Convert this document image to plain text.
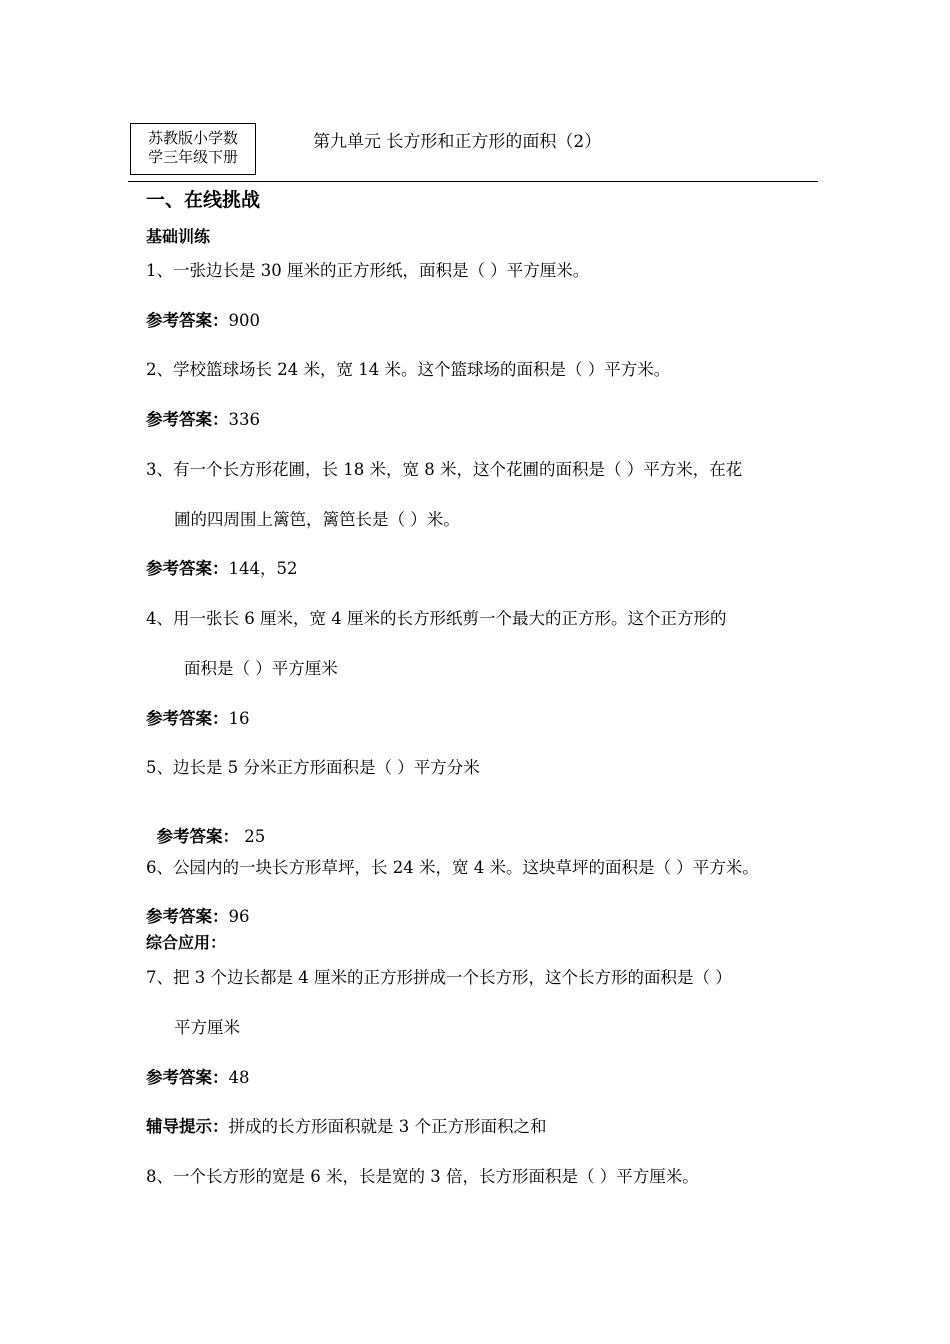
苏教版小学数
学三年级下册
第九单元 长方形和正方形的面积（2）
一、在线挑战
基础训练
1、一张边长是 30 厘米的正方形纸，面积是（ ）平方厘米。
参考答案：900
2、学校篮球场长 24 米，宽 14 米。这个篮球场的面积是（ ）平方米。
参考答案：336
3、有一个长方形花圃，长 18 米，宽 8 米，这个花圃的面积是（ ）平方米，在花
圃的四周围上篱笆，篱笆长是（ ）米。
参考答案：144，52
4、用一张长 6 厘米，宽 4 厘米的长方形纸剪一个最大的正方形。这个正方形的
面积是（ ）平方厘米
参考答案：16
5、边长是 5 分米正方形面积是（ ）平方分米

参考答案： 25

6、公园内的一块长方形草坪，长 24 米，宽 4 米。这块草坪的面积是（ ）平方米。
参考答案：96
综合应用：
7、把 3 个边长都是 4 厘米的正方形拼成一个长方形，这个长方形的面积是（ ）
平方厘米
参考答案：48
辅导提示：拼成的长方形面积就是 3 个正方形面积之和
8、一个长方形的宽是 6 米，长是宽的 3 倍，长方形面积是（ ）平方厘米。
